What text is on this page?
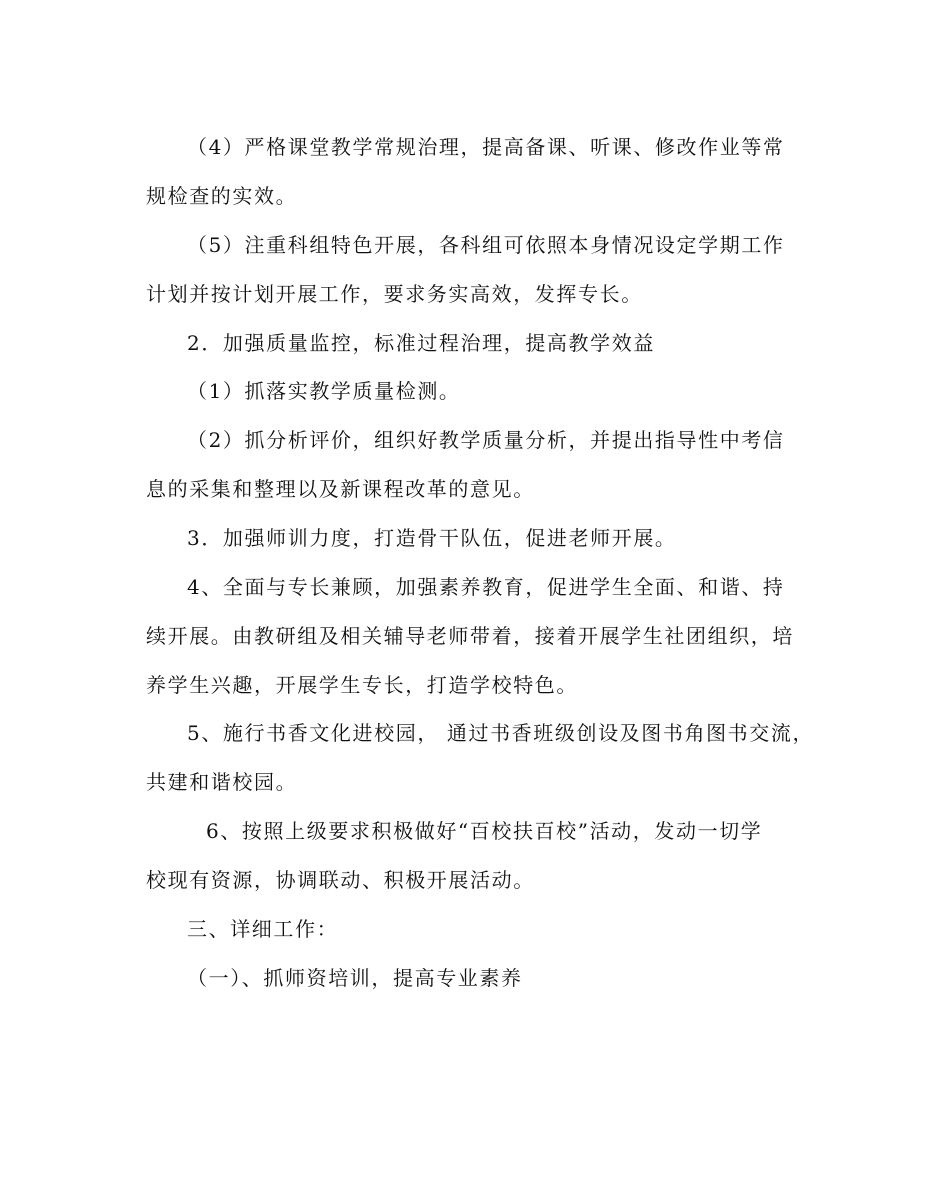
（4）严格课堂教学常规治理，提高备课、听课、修改作业等常
规检查的实效。
（5）注重科组特色开展，各科组可依照本身情况设定学期工作
计划并按计划开展工作，要求务实高效，发挥专长。
2．加强质量监控，标准过程治理，提高教学效益
（1）抓落实教学质量检测。
（2）抓分析评价，组织好教学质量分析，并提出指导性中考信
息的采集和整理以及新课程改革的意见。
3．加强师训力度，打造骨干队伍，促进老师开展。
4、全面与专长兼顾，加强素养教育，促进学生全面、和谐、持
续开展。由教研组及相关辅导老师带着，接着开展学生社团组织，培
养学生兴趣，开展学生专长，打造学校特色。
5、施行书香文化进校园， 通过书香班级创设及图书角图书交流，
共建和谐校园。
6、按照上级要求积极做好“百校扶百校”活动，发动一切学
校现有资源，协调联动、积极开展活动。
三、详细工作：
（一）、抓师资培训，提高专业素养
